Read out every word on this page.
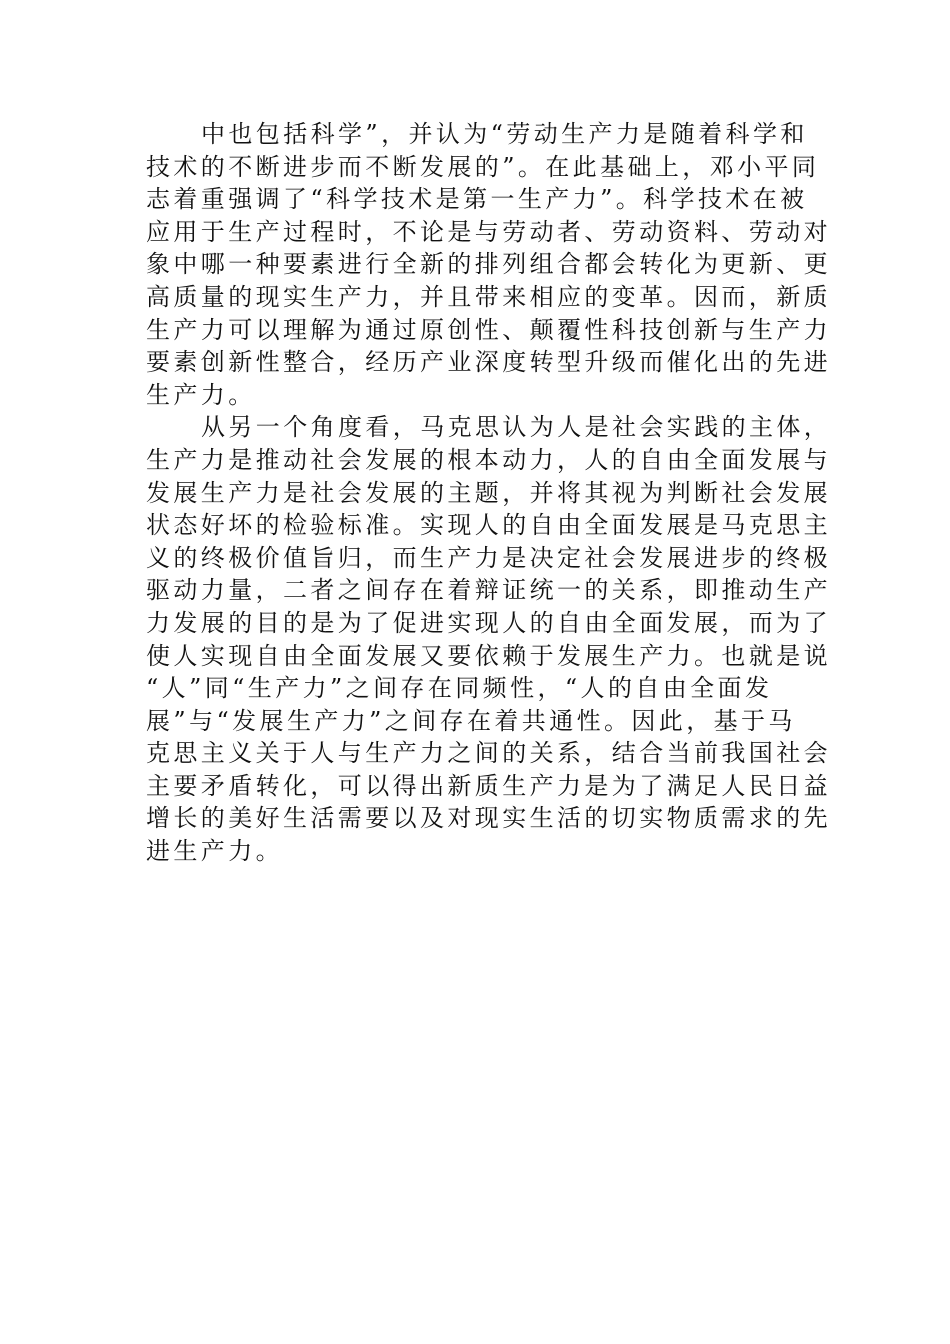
中也包括科学”，并认为“劳动生产力是随着科学和
技术的不断进步而不断发展的”。在此基础上，邓小平同
志着重强调了“科学技术是第一生产力”。科学技术在被
应用于生产过程时，不论是与劳动者、劳动资料、劳动对
象中哪一种要素进行全新的排列组合都会转化为更新、更
高质量的现实生产力，并且带来相应的变革。因而，新质
生产力可以理解为通过原创性、颠覆性科技创新与生产力
要素创新性整合，经历产业深度转型升级而催化出的先进
生产力。
从另一个角度看，马克思认为人是社会实践的主体，
生产力是推动社会发展的根本动力，人的自由全面发展与
发展生产力是社会发展的主题，并将其视为判断社会发展
状态好坏的检验标准。实现人的自由全面发展是马克思主
义的终极价值旨归，而生产力是决定社会发展进步的终极
驱动力量，二者之间存在着辩证统一的关系，即推动生产
力发展的目的是为了促进实现人的自由全面发展，而为了
使人实现自由全面发展又要依赖于发展生产力。也就是说
“人”同“生产力”之间存在同频性，“人的自由全面发
展”与“发展生产力”之间存在着共通性。因此，基于马
克思主义关于人与生产力之间的关系，结合当前我国社会
主要矛盾转化，可以得出新质生产力是为了满足人民日益
增长的美好生活需要以及对现实生活的切实物质需求的先
进生产力。
